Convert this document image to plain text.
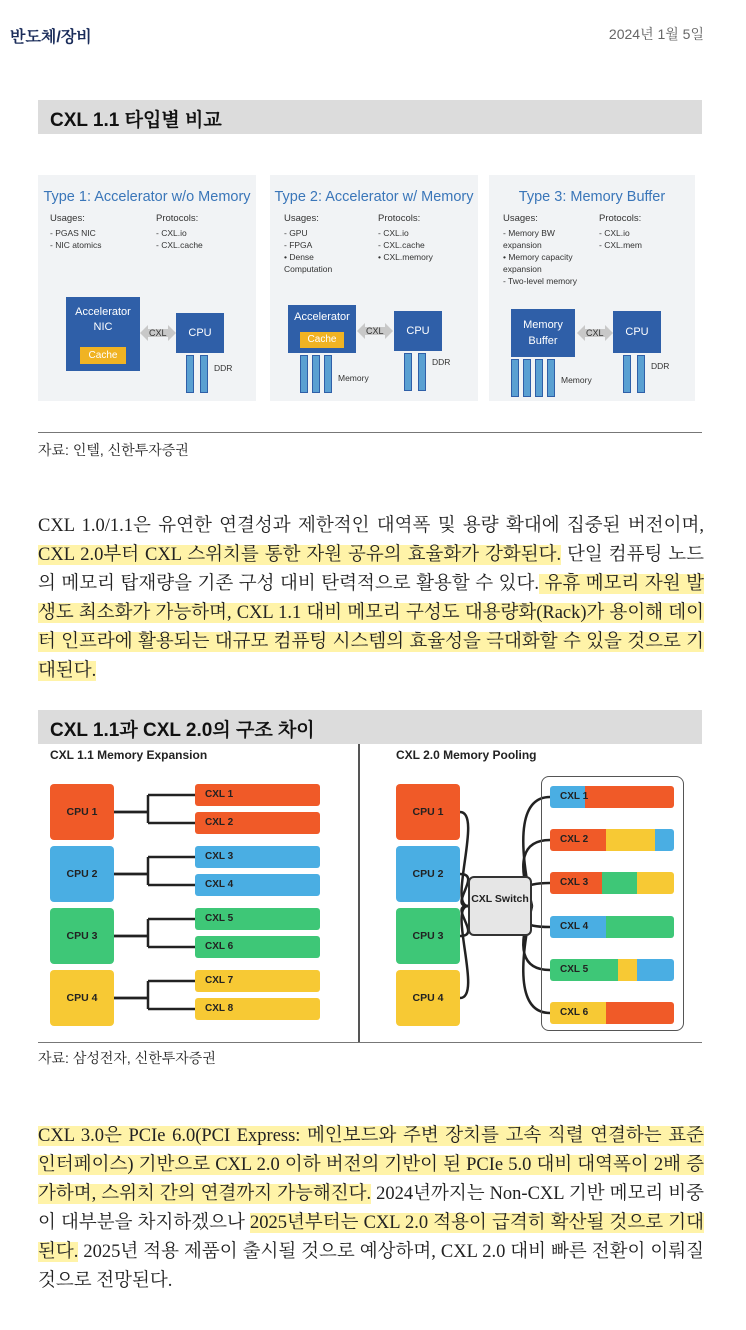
반도체/장비	2024년 1월 5일
CXL 1.1 타입별 비교
Type 1: Accelerator w/o Memory
Usages:	Protocols:
- PGAS NIC
- NIC atomics
- CXL.io
- CXL.cache
Accelerator NIC
Cache
CXL	CPU
DDR
Type 2: Accelerator w/ Memory
Usages:	Protocols:
- GPU
- FPGA
• Dense
Computation
- CXL.io
- CXL.cache
• CXL.memory
Accelerator
Cache
CXL	CPU
Memory
DDR
Type 3: Memory Buffer
Usages:	Protocols:
- Memory BW
expansion
• Memory capacity
expansion
- Two-level memory
- CXL.io
- CXL.mem
Memory Buffer
CXL	CPU
Memory
DDR
자료: 인텔, 신한투자증권

CXL 1.0/1.1은 유연한 연결성과 제한적인 대역폭 및 용량 확대에 집중된 버전이며, CXL 2.0부터 CXL 스위치를 통한 자원 공유의 효율화가 강화된다. 단일 컴퓨팅 노드의 메모리 탑재량을 기존 구성 대비 탄력적으로 활용할 수 있다. 유휴 메모리 자원 발생도 최소화가 가능하며, CXL 1.1 대비 메모리 구성도 대용량화(Rack)가 용이해 데이터 인프라에 활용되는 대규모 컴퓨팅 시스템의 효율성을 극대화할 수 있을 것으로 기대된다.

CXL 1.1과 CXL 2.0의 구조 차이
CXL 1.1 Memory Expansion	CXL 2.0 Memory Pooling
CPU 1
CPU 2
CPU 3
CPU 4
CXL 1
CXL 2
CXL 3
CXL 4
CXL 5
CXL 6
CXL 7
CXL 8
CPU 1
CPU 2
CPU 3
CPU 4
CXL 1
CXL 2
CXL 3
CXL 4
CXL 5
CXL 6
CXL Switch
자료: 삼성전자, 신한투자증권

CXL 3.0은 PCIe 6.0(PCI Express: 메인보드와 주변 장치를 고속 직렬 연결하는 표준 인터페이스) 기반으로 CXL 2.0 이하 버전의 기반이 된 PCIe 5.0 대비 대역폭이 2배 증가하며, 스위치 간의 연결까지 가능해진다. 2024년까지는 Non-CXL 기반 메모리 비중이 대부분을 차지하겠으나 2025년부터는 CXL 2.0 적용이 급격히 확산될 것으로 기대된다. 2025년 적용 제품이 출시될 것으로 예상하며, CXL 2.0 대비 빠른 전환이 이뤄질 것으로 전망된다.
